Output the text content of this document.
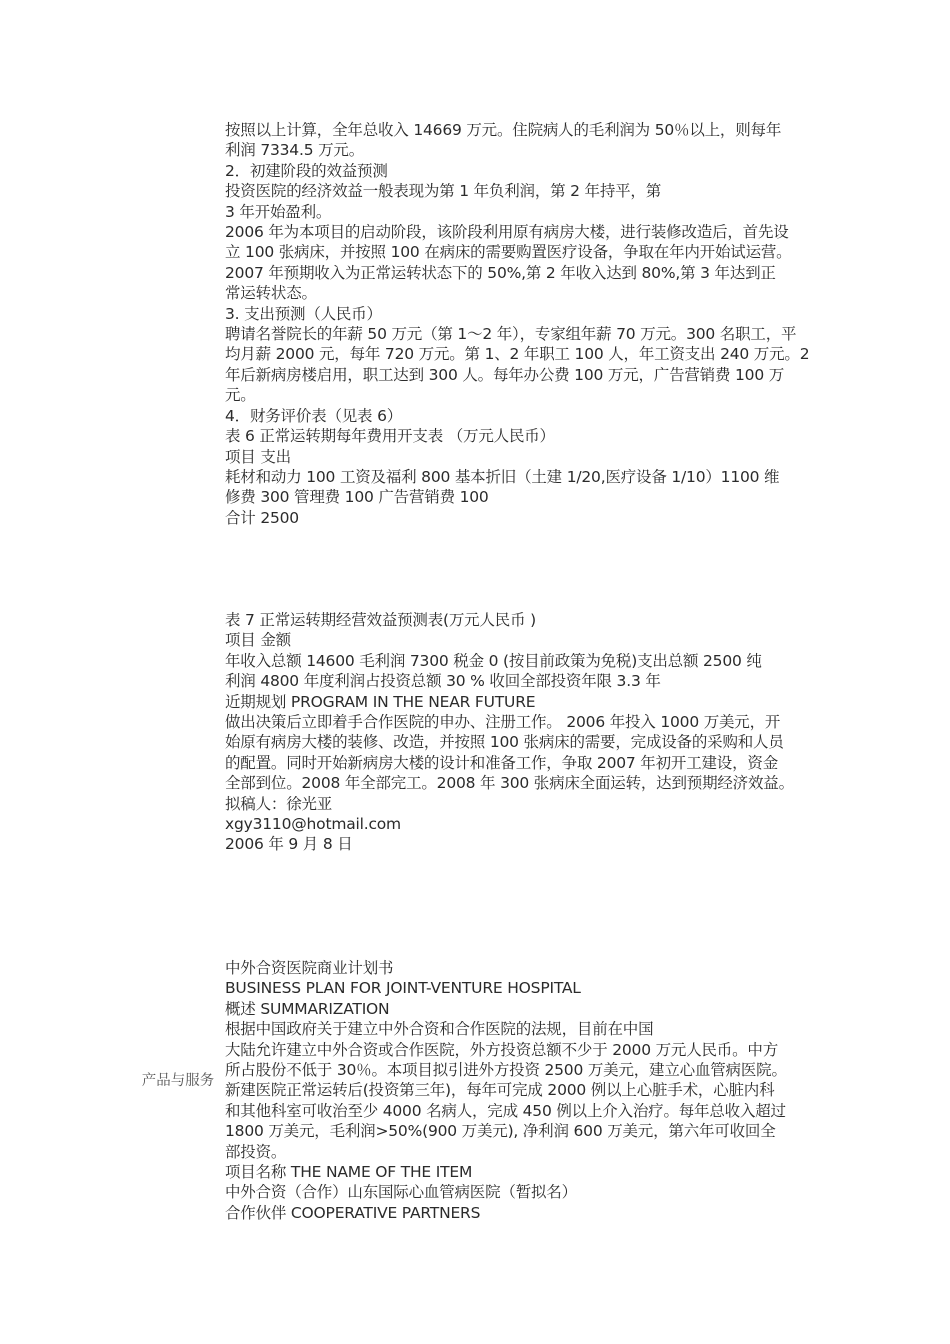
按照以上计算，全年总收入 14669 万元。住院病人的毛利润为 50％以上，则每年

利润 7334.5 万元。

2．初建阶段的效益预测

投资医院的经济效益一般表现为第 1 年负利润，第 2 年持平，第

3 年开始盈利。

2006 年为本项目的启动阶段，该阶段利用原有病房大楼，进行装修改造后，首先设

立 100 张病床，并按照 100 在病床的需要购置医疗设备，争取在年内开始试运营。

2007 年预期收入为正常运转状态下的 50%,第 2 年收入达到 80%,第 3 年达到正

常运转状态。

3. 支出预测（人民币）

聘请名誉院长的年薪 50 万元（第 1～2 年），专家组年薪 70 万元。300 名职工，平

均月薪 2000 元，每年 720 万元。第 1、2 年职工 100 人，年工资支出 240 万元。2

年后新病房楼启用，职工达到 300 人。每年办公费 100 万元，广告营销费 100 万

元。

4．财务评价表（见表 6）

表 6 正常运转期每年费用开支表 （万元人民币）

项目 支出

耗材和动力 100 工资及福利 800 基本折旧（土建 1/20,医疗设备 1/10）1100 维

修费 300 管理费 100 广告营销费 100

合计 2500

表 7 正常运转期经营效益预测表(万元人民币 )

项目 金额

年收入总额 14600 毛利润 7300 税金 0 (按目前政策为免税)支出总额 2500 纯

利润 4800 年度利润占投资总额 30 % 收回全部投资年限 3.3 年

近期规划 PROGRAM IN THE NEAR FUTURE

做出决策后立即着手合作医院的申办、注册工作。 2006 年投入 1000 万美元，开

始原有病房大楼的装修、改造，并按照 100 张病床的需要，完成设备的采购和人员

的配置。同时开始新病房大楼的设计和准备工作，争取 2007 年初开工建设，资金

全部到位。2008 年全部完工。2008 年 300 张病床全面运转，达到预期经济效益。

拟稿人：徐光亚

xgy3110@hotmail.com

2006 年 9 月 8 日

中外合资医院商业计划书

BUSINESS PLAN FOR JOINT-VENTURE HOSPITAL

概述 SUMMARIZATION

根据中国政府关于建立中外合资和合作医院的法规，目前在中国

大陆允许建立中外合资或合作医院，外方投资总额不少于 2000 万元人民币。中方

所占股份不低于 30％。本项目拟引进外方投资 2500 万美元，建立心血管病医院。

新建医院正常运转后(投资第三年)，每年可完成 2000 例以上心脏手术，心脏内科

和其他科室可收治至少 4000 名病人，完成 450 例以上介入治疗。每年总收入超过

1800 万美元，毛利润>50%(900 万美元), 净利润 600 万美元，第六年可收回全

部投资。

项目名称 THE NAME OF THE ITEM

中外合资（合作）山东国际心血管病医院（暂拟名）

合作伙伴 COOPERATIVE PARTNERS

产品与服务
